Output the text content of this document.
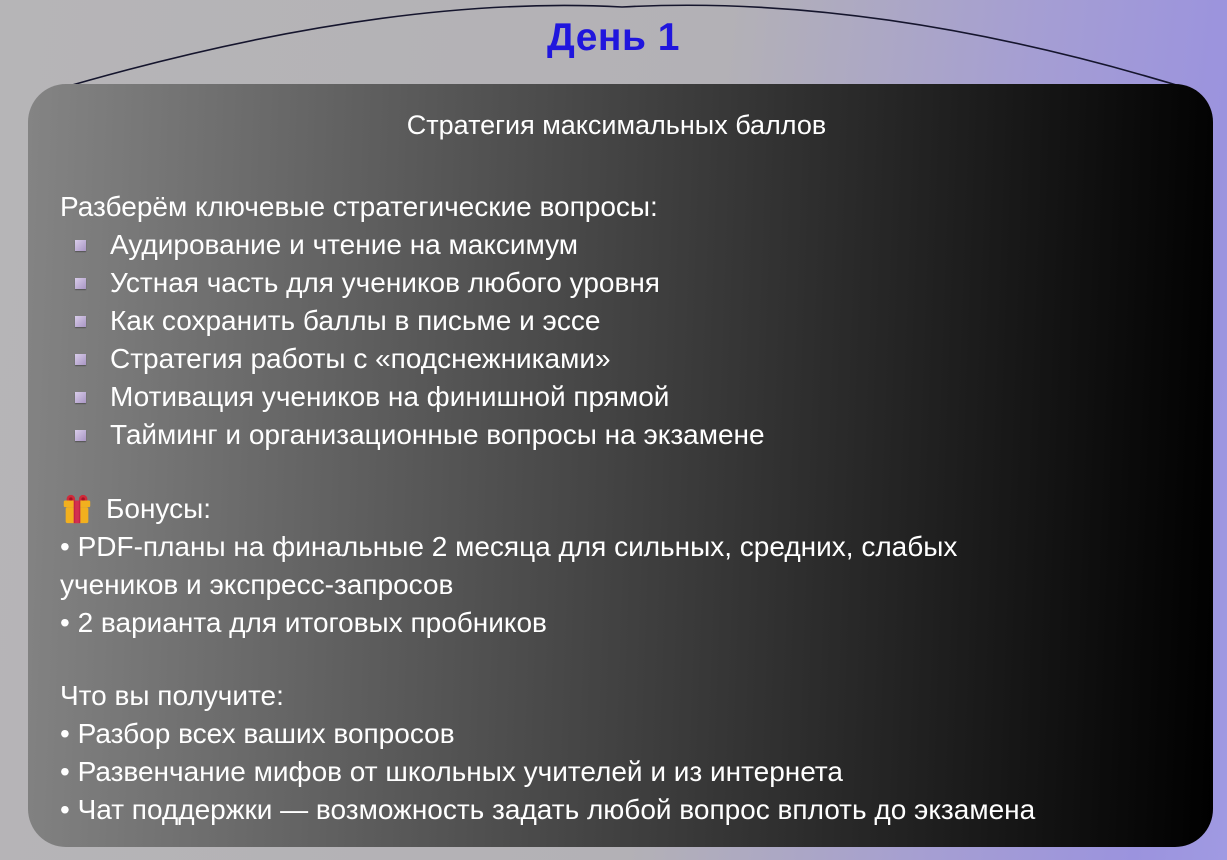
День 1
Стратегия максимальных баллов
Разберём ключевые стратегические вопросы:
Аудирование и чтение на максимум
Устная часть для учеников любого уровня
Как сохранить баллы в письме и эссе
Стратегия работы с «подснежниками»
Мотивация учеников на финишной прямой
Тайминг и организационные вопросы на экзамене
Бонусы:

• PDF-планы на финальные 2 месяца для сильных, средних, слабых учеников и экспресс-запросов

• 2 варианта для итоговых пробников

Что вы получите:

• Разбор всех ваших вопросов

• Развенчание мифов от школьных учителей и из интернета

• Чат поддержки — возможность задать любой вопрос вплоть до экзамена
